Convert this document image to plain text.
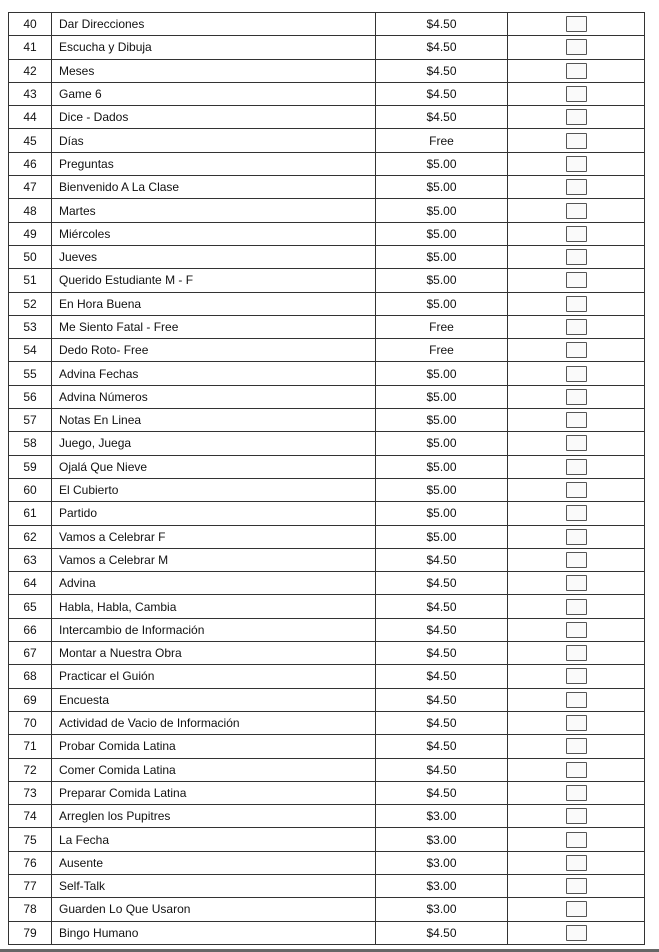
40	Dar Direcciones	$4.50	
41	Escucha y Dibuja	$4.50	
42	Meses	$4.50	
43	Game 6	$4.50	
44	Dice - Dados	$4.50	
45	Días	Free	
46	Preguntas	$5.00	
47	Bienvenido A La Clase	$5.00	
48	Martes	$5.00	
49	Miércoles	$5.00	
50	Jueves	$5.00	
51	Querido Estudiante M - F	$5.00	
52	En Hora Buena	$5.00	
53	Me Siento Fatal - Free	Free	
54	Dedo Roto- Free	Free	
55	Advina Fechas	$5.00	
56	Advina Números	$5.00	
57	Notas En Linea	$5.00	
58	Juego, Juega	$5.00	
59	Ojalá Que Nieve	$5.00	
60	El Cubierto	$5.00	
61	Partido	$5.00	
62	Vamos a Celebrar F	$5.00	
63	Vamos a Celebrar M	$4.50	
64	Advina	$4.50	
65	Habla, Habla, Cambia	$4.50	
66	Intercambio de Información	$4.50	
67	Montar a Nuestra Obra	$4.50	
68	Practicar el Guión	$4.50	
69	Encuesta	$4.50	
70	Actividad de Vacio de Información	$4.50	
71	Probar Comida Latina	$4.50	
72	Comer Comida Latina	$4.50	
73	Preparar Comida Latina	$4.50	
74	Arreglen los Pupitres	$3.00	
75	La Fecha	$3.00	
76	Ausente	$3.00	
77	Self-Talk	$3.00	
78	Guarden Lo Que Usaron	$3.00	
79	Bingo Humano	$4.50	
